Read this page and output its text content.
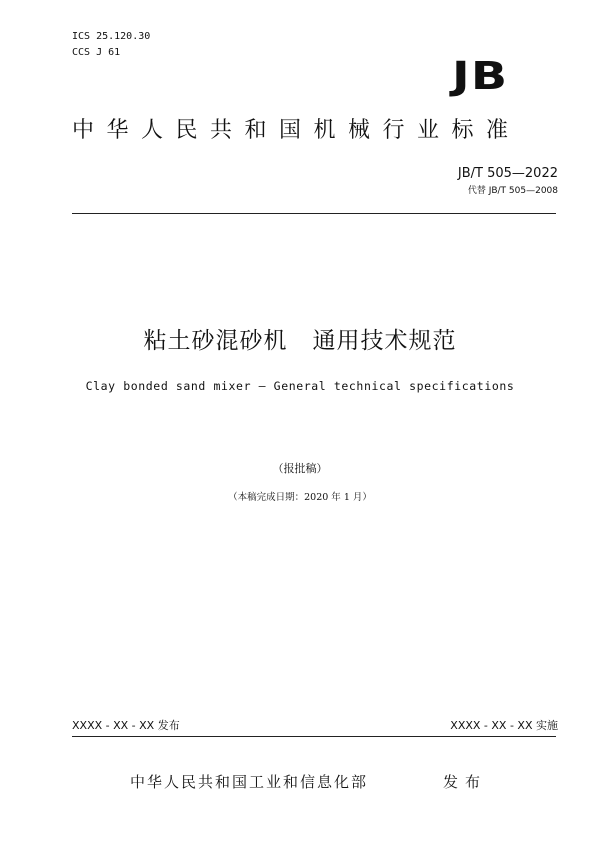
ICS 25.120.30
CCS J 61
JB
中华人民共和国机械行业标准
JB/T 505—2022
代替 JB/T 505—2008
粘土砂混砂机   通用技术规范
Clay bonded sand mixer — General technical specifications
（报批稿）
（本稿完成日期：2020 年 1 月）
XXXX - XX - XX 发布	XXXX - XX - XX 实施
中华人民共和国工业和信息化部	发布
